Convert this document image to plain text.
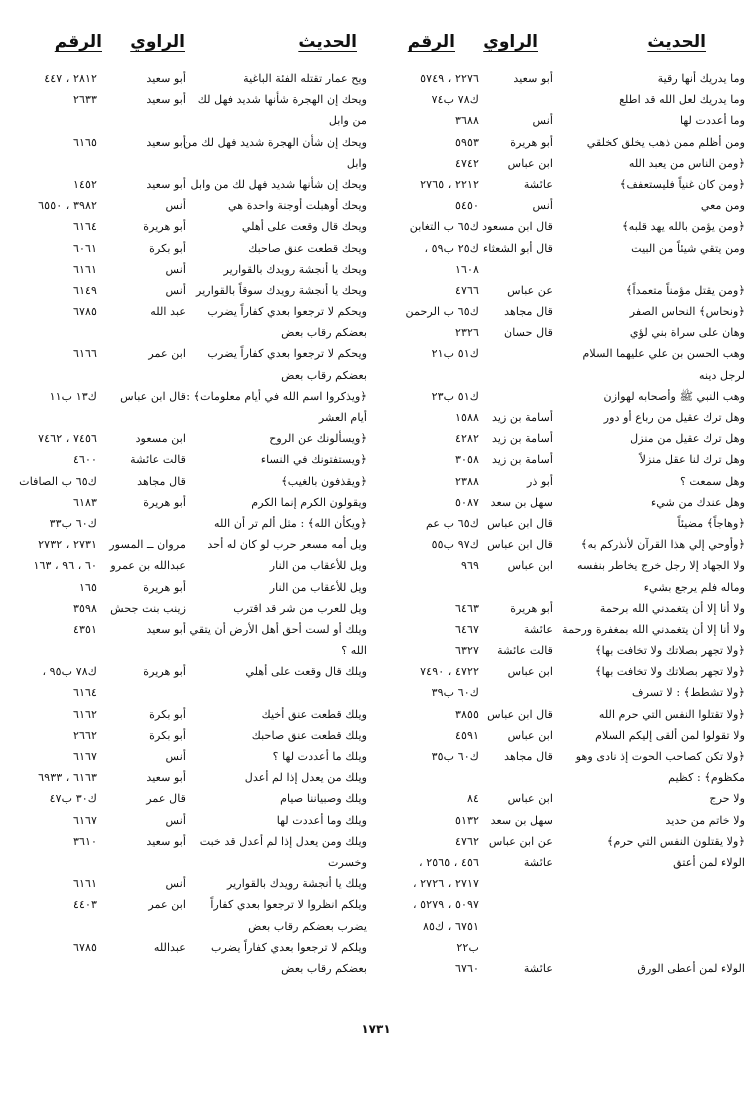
الحديث
الراوي
الرقم
الحديث
الراوي
الرقم
وما يدريك أنها رقية
أبو سعيد
٢٢٧٦ ، ٥٧٤٩
وما يدريك لعل الله قد اطلع
ك٧٨ ب٧٤
وما أعددت لها
أنس
٣٦٨٨
ومن أظلم ممن ذهب يخلق كخلقي
أبو هريرة
٥٩٥٣
﴿ومن الناس من يعبد الله
ابن عباس
٤٧٤٢
﴿ومن كان غنياً فليستعفف﴾
عائشة
٢٢١٢ ، ٢٧٦٥
ومن معي
أنس
٥٤٥٠
﴿ومن يؤمن بالله يهد قلبه﴾
قال ابن مسعود
ك٦٥ ب التغابن
ومن يتقي شيئاً من البيت
قال أبو الشعثاء
ك٢٥ ب٥٩ ،
١٦٠٨
﴿ومن يقتل مؤمناً متعمداً﴾
عن عباس
٤٧٦٦
﴿ونحاس﴾ النحاس الصفر
قال مجاهد
ك٦٥ ب الرحمن
وهان على سراة بني لؤي
قال حسان
٢٣٢٦
وهب الحسن بن علي عليهما السلام
ك٥١ ب٢١
لرجل دينه
وهب النبي ﷺ وأصحابه لهوازن
ك٥١ ب٢٣
وهل ترك عقيل من رباع أو دور
أسامة بن زيد
١٥٨٨
وهل ترك عقيل من منزل
أسامة بن زيد
٤٢٨٢
وهل ترك لنا عقل منزلاً
أسامة بن زيد
٣٠٥٨
وهل سمعت ؟
أبو ذر
٢٣٨٨
وهل عندك من شيء
سهل بن سعد
٥٠٨٧
﴿وهاجاً﴾ مضيئاً
قال ابن عباس
ك٦٥ ب عم
﴿وأوحي إلي هذا القرآن لأنذركم به﴾
قال ابن عباس
ك٩٧ ب٥٥
ولا الجهاد إلا رجل خرج يخاطر بنفسه
ابن عباس
٩٦٩
وماله فلم يرجع بشيء
ولا أنا إلا أن يتغمدني الله برحمة
أبو هريرة
٦٤٦٣
ولا أنا إلا أن يتغمدني الله بمغفرة ورحمة
عائشة
٦٤٦٧
﴿ولا تجهر بصلاتك ولا تخافت بها﴾
قالت عائشة
٦٣٢٧
﴿ولا تجهر بصلاتك ولا تخافت بها﴾
ابن عباس
٤٧٢٢ ، ٧٤٩٠
﴿ولا تشطط﴾ : لا تسرف
ك٦٠ ب٣٩
﴿ولا تقتلوا النفس التي حرم الله
قال ابن عباس
٣٨٥٥
ولا تقولوا لمن ألقى إليكم السلام
ابن عباس
٤٥٩١
﴿ولا تكن كصاحب الحوت إذ نادى وهو
قال مجاهد
ك٦٠ ب٣٥
مكظوم﴾ : كظيم
ولا حرج
ابن عباس
٨٤
ولا خاتم من حديد
سهل بن سعد
٥١٣٢
﴿ولا يقتلون النفس التي حرم﴾
عن ابن عباس
٤٧٦٢
الولاء لمن أعتق
عائشة
٤٥٦ ، ٢٥٦٥ ،
٢٧١٧ ، ٢٧٢٦ ،
٥٠٩٧ ، ٥٢٧٩ ،
٦٧٥١ ، ك٨٥
ب٢٢
الولاء لمن أعطى الورق
عائشة
٦٧٦٠
ويح عمار تقتله الفئة الباغية
أبو سعيد
٢٨١٢ ، ٤٤٧
ويحك إن الهجرة شأنها شديد فهل لك
أبو سعيد
٢٦٣٣
من وابل
ويحك إن شأن الهجرة شديد فهل لك من
أبو سعيد
٦١٦٥
وابل
ويحك إن شأنها شديد فهل لك من وابل
أبو سعيد
١٤٥٢
ويحك أوهبلت أوجنة واحدة هي
أنس
٣٩٨٢ ، ٦٥٥٠
ويحك قال وقعت على أهلي
أبو هريرة
٦١٦٤
ويحك قطعت عنق صاحبك
أبو بكرة
٦٠٦١
ويحك يا أنجشة رويدك بالقوارير
أنس
٦١٦١
ويحك يا أنجشة رويدك سوقاً بالقوارير
أنس
٦١٤٩
ويحكم لا ترجعوا بعدي كفاراً يضرب
عبد الله
٦٧٨٥
بعضكم رقاب بعض
ويحكم لا ترجعوا بعدي كفاراً يضرب
ابن عمر
٦١٦٦
بعضكم رقاب بعض
﴿ويذكروا اسم الله في أيام معلومات﴾ :
قال ابن عباس
ك١٣ ب١١
أيام العشر
﴿ويسألونك عن الروح
ابن مسعود
٧٤٥٦ ، ٧٤٦٢
﴿ويستفتونك في النساء
قالت عائشة
٤٦٠٠
﴿ويقذفون بالغيب﴾
قال مجاهد
ك٦٥ ب الصافات
ويقولون الكرم إنما الكرم
أبو هريرة
٦١٨٣
﴿ويكأن الله﴾ : مثل ألم تر أن الله
ك٦٠ ب٣٣
ويل أمه مسعر حرب لو كان له أحد
مروان ــ المسور
٢٧٣١ ، ٢٧٣٢
ويل للأعقاب من النار
عبدالله بن عمرو
٦٠ ، ٩٦ ، ١٦٣
ويل للأعقاب من النار
أبو هريرة
١٦٥
ويل للعرب من شر قد اقترب
زينب بنت جحش
٣٥٩٨
ويلك أو لست أحق أهل الأرض أن يتقي
أبو سعيد
٤٣٥١
الله ؟
ويلك قال وقعت على أهلي
أبو هريرة
ك٧٨ ب٩٥ ،
٦١٦٤
ويلك قطعت عنق أخيك
أبو بكرة
٦١٦٢
ويلك قطعت عنق صاحبك
أبو بكرة
٢٦٦٢
ويلك ما أعددت لها ؟
أنس
٦١٦٧
ويلك من يعدل إذا لم أعدل
أبو سعيد
٦١٦٣ ، ٦٩٣٣
ويلك وصبياننا صيام
قال عمر
ك٣٠ ب٤٧
ويلك وما أعددت لها
أنس
٦١٦٧
ويلك ومن يعدل إذا لم أعدل قد خبت
أبو سعيد
٣٦١٠
وخسرت
ويلك يا أنجشة رويدك بالقوارير
أنس
٦١٦١
ويلكم انظروا لا ترجعوا بعدي كفاراً
ابن عمر
٤٤٠٣
يضرب بعضكم رقاب بعض
ويلكم لا ترجعوا بعدي كفاراً يضرب
عبدالله
٦٧٨٥
بعضكم رقاب بعض
١٧٣١
